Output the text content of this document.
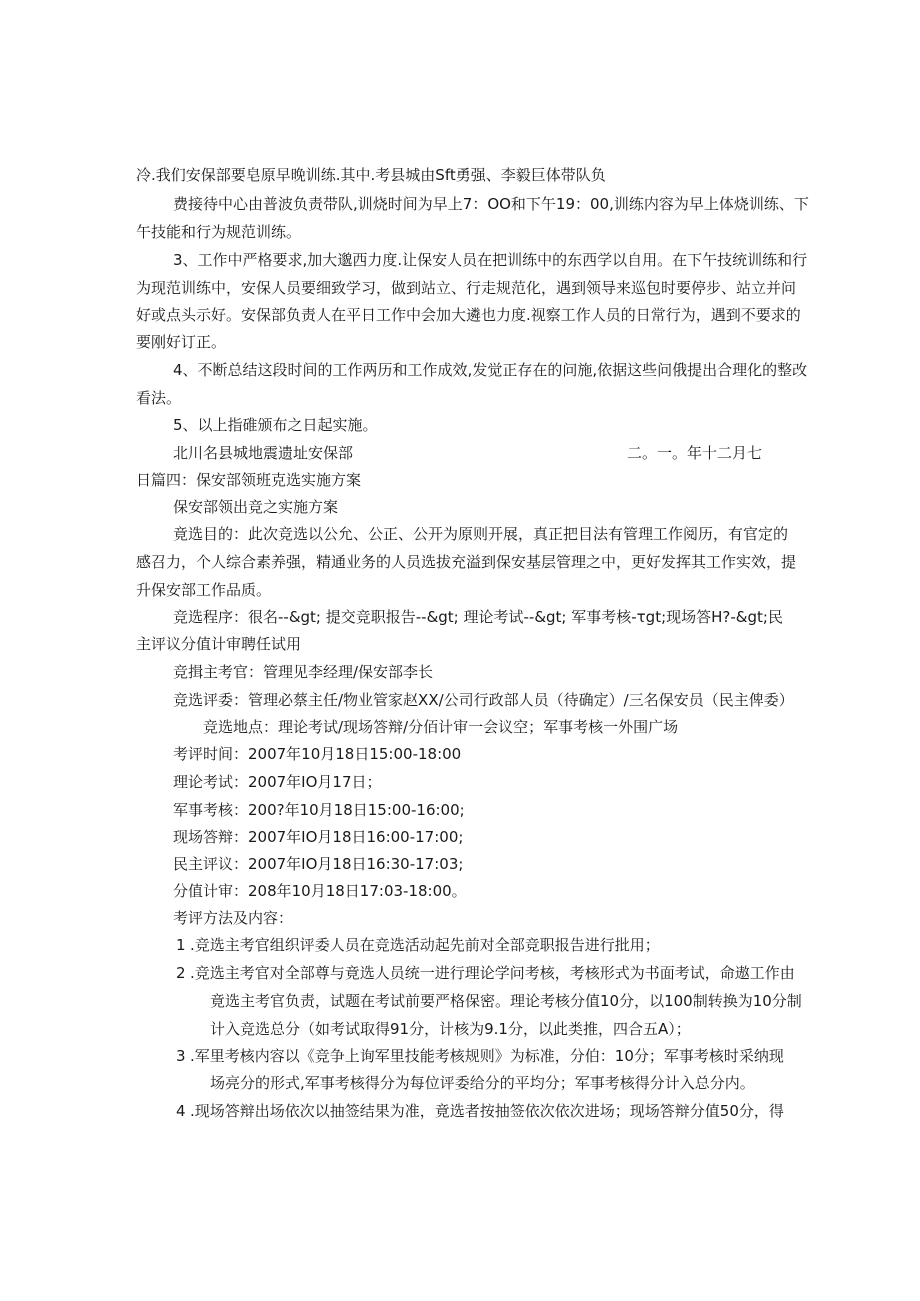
冷.我们安保部要皂原早晚训练.其中.考县城由Sft勇强、李毅巨体带队负

费接待中心由普波负责带队,训烧时间为早上7：OO和下午19：00,训练内容为早上体烧训练、下

午技能和行为规范训练。

3、工作中严格要求,加大邈西力度.让保安人员在把训练中的东西学以自用。在下午技统训练和行

为现范训练中，安保人员要细致学习，做到站立、行走规范化，遇到领导来巡包时要停步、站立并问

好或点头示好。安保部负责人在平日工作中会加大遴也力度.视察工作人员的日常行为，遇到不要求的

要刚好订正。

4、不断总结这段时间的工作两历和工作成效,发觉正存在的问施,依据这些问俄提出合理化的整改

看法。

5、以上指碓颁布之日起实施。

北川名县城地震遗址安保部	二。一。年十二月七

日篇四：保安部领班克选实施方案

保安部领出竞之实施方案

竟选目的：此次竞选以公允、公正、公开为原则开展，真正把目法有管理工作阅历，有官定的

感召力，个人综合素养强，精通业务的人员选拔充溢到保安基层管理之中，更好发挥其工作实效，提

升保安部工作品质。

竞选程序：很名--&gt; 提交竞职报告--&gt; 理论考试--&gt; 军事考核-τgt;现场答H?-&gt;民

主评议分值计审聘任试用

竞揖主考官：管理见李经理/保安部李长

竞选评委：管理必蔡主任/物业管家赵XX/公司行政部人员（待确定）/三名保安员（民主俾委）

竞选地点：理论考试/现场答辩/分佰计审一会议空；军事考核一外围广场

考评时间：2007年10月18日15:00-18:00

理论考试：2007年IO月17日；

军事考核：200?年10月18日15:00-16:00;

现场答辩：2007年IO月18日16:00-17:00;

民主评议：2007年IO月18日16:30-17:03;

分值计审：208年10月18日17:03-18:00。

考评方法及内容：

1 .竞选主考官组织评委人员在竞选活动起先前对全部竞职报告进行批用；

2 .竞选主考官对全部尊与竟选人员统一进行理论学问考核，考核形式为书面考试，命遨工作由

竟选主考官负责，试题在考试前要严格保密。理论考核分值10分，以100制转换为10分制

计入竞选总分（如考试取得91分，计核为9.1分，以此类推，四合五A）；

3 .军里考核内容以《竞争上询军里技能考核规则》为标准，分伯：10分；军事考核时采纳现

场亮分的形式,军事考核得分为每位评委给分的平均分；军事考核得分计入总分内。

4 .现场答辩出场依次以抽签结果为准，竟选者按抽签依次依次进场；现场答辩分值50分，得
